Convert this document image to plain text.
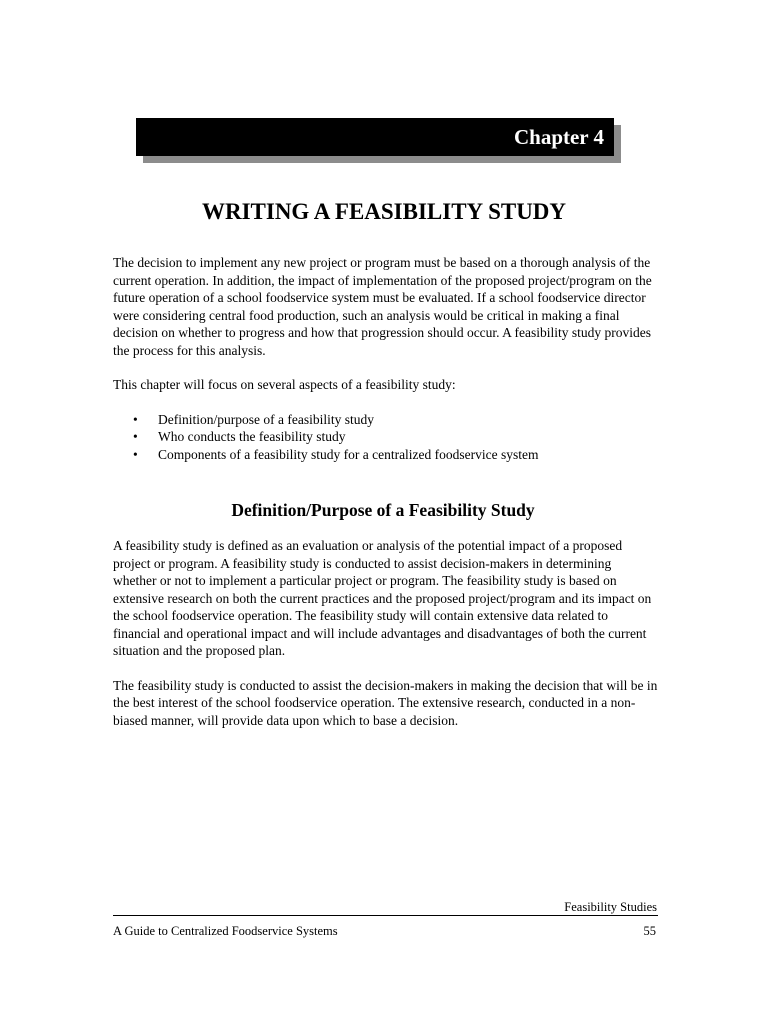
Chapter 4
WRITING A FEASIBILITY STUDY

The decision to implement any new project or program must be based on a thorough analysis of the current operation. In addition, the impact of implementation of the proposed project/program on the future operation of a school foodservice system must be evaluated. If a school foodservice director were considering central food production, such an analysis would be critical in making a final decision on whether to progress and how that progression should occur. A feasibility study provides the process for this analysis.

This chapter will focus on several aspects of a feasibility study:

• Definition/purpose of a feasibility study
• Who conducts the feasibility study
• Components of a feasibility study for a centralized foodservice system
Definition/Purpose of a Feasibility Study

A feasibility study is defined as an evaluation or analysis of the potential impact of a proposed project or program. A feasibility study is conducted to assist decision-makers in determining whether or not to implement a particular project or program. The feasibility study is based on extensive research on both the current practices and the proposed project/program and its impact on the school foodservice operation. The feasibility study will contain extensive data related to financial and operational impact and will include advantages and disadvantages of both the current situation and the proposed plan.

The feasibility study is conducted to assist the decision-makers in making the decision that will be in the best interest of the school foodservice operation. The extensive research, conducted in a non-biased manner, will provide data upon which to base a decision.

Feasibility Studies
A Guide to Centralized Foodservice Systems	55
